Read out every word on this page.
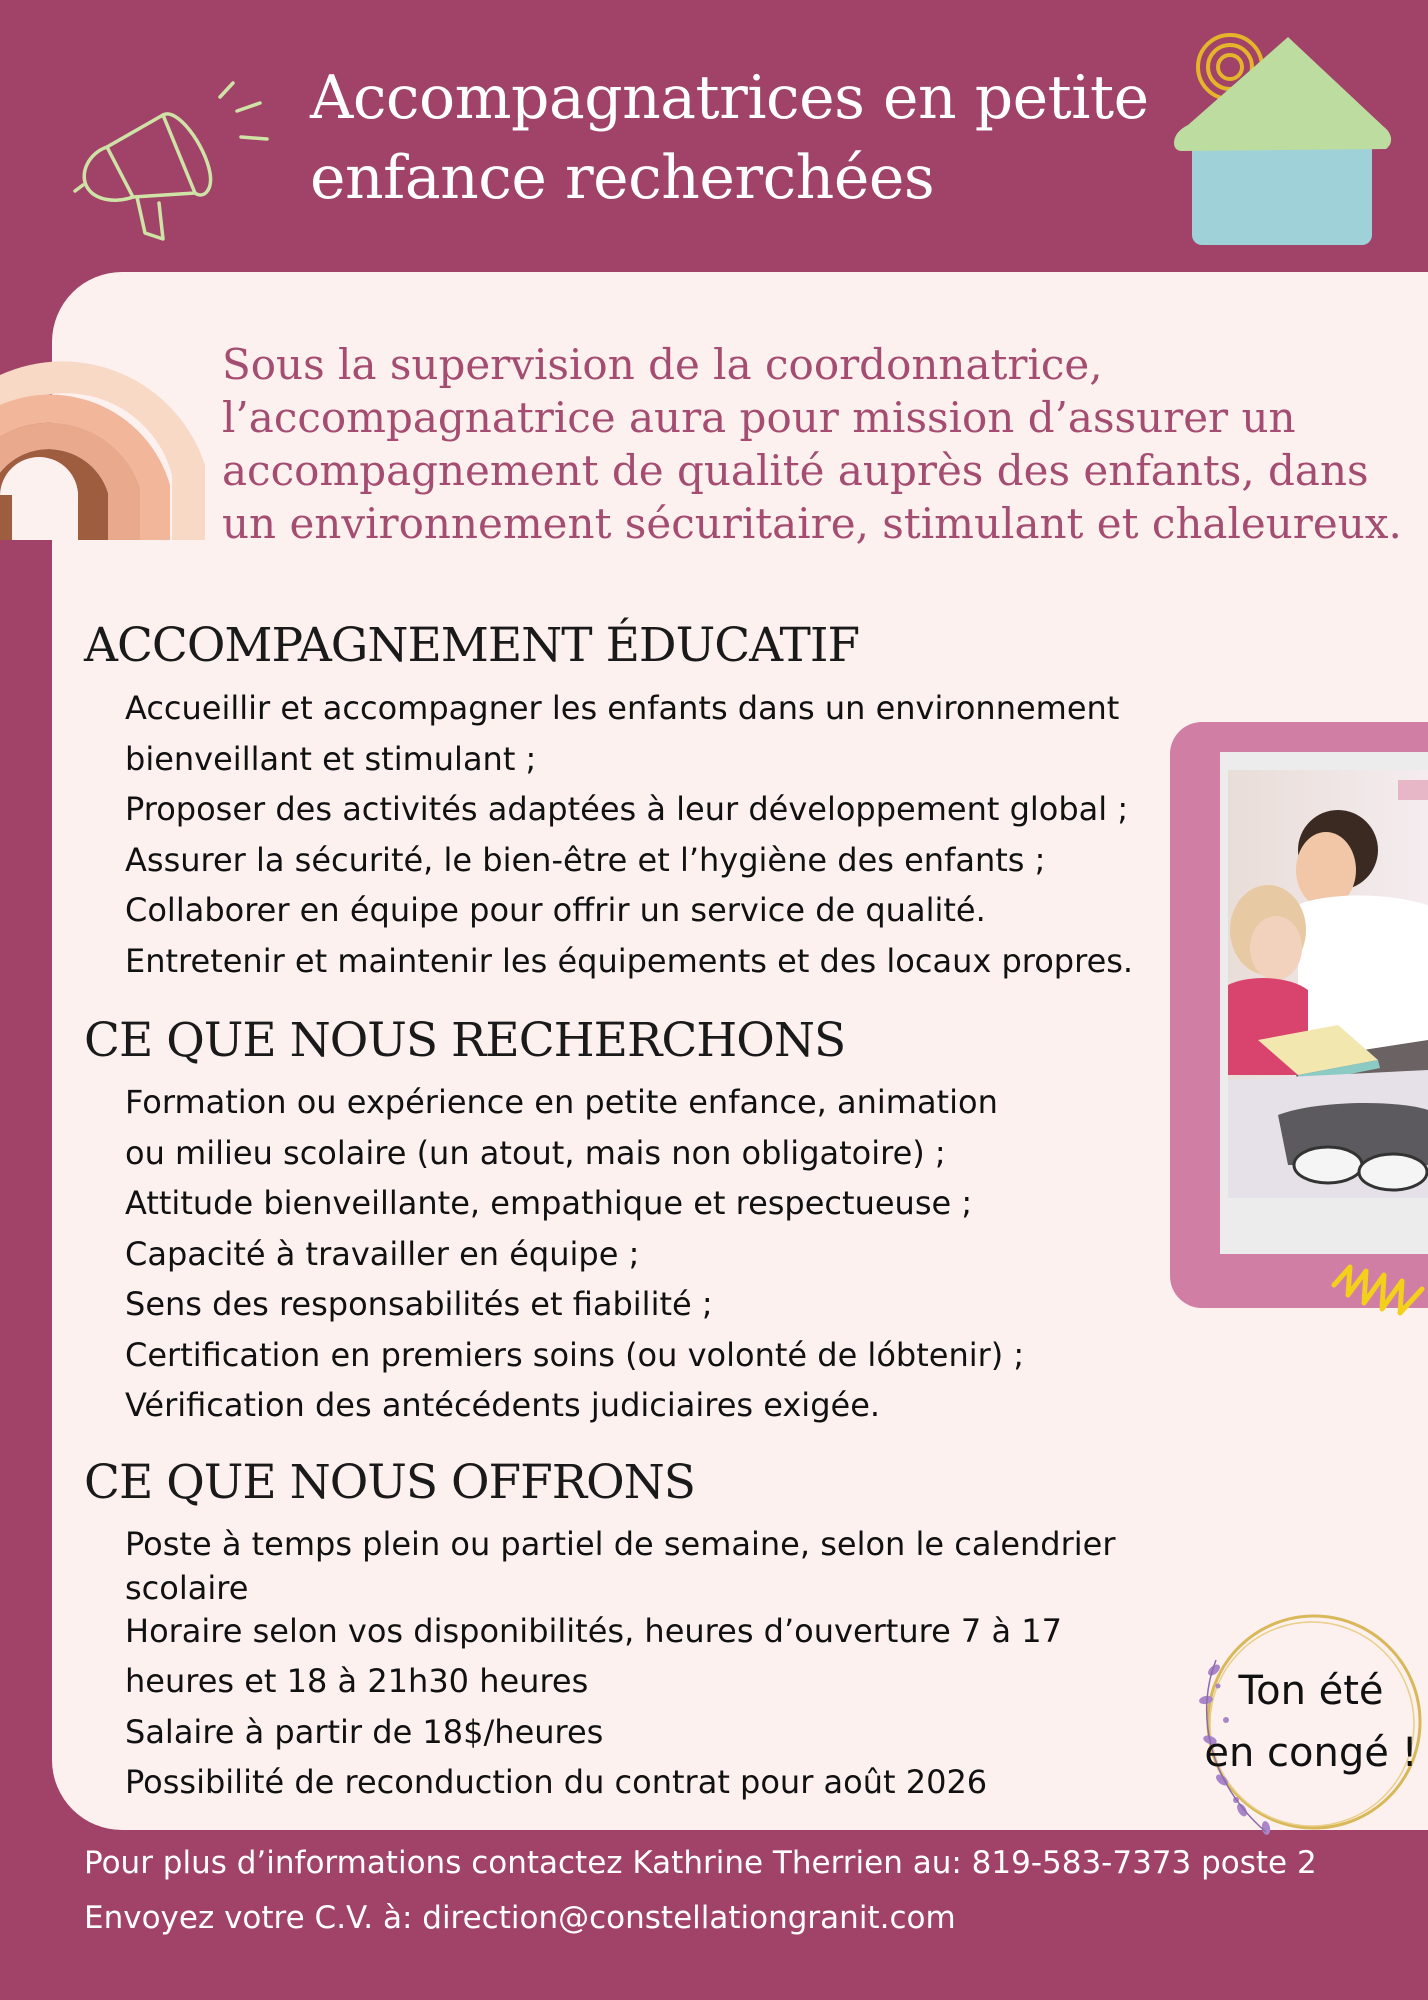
Accompagnatrices en petite
enfance recherchées

Sous la supervision de la coordonnatrice,
l’accompagnatrice aura pour mission d’assurer un
accompagnement de qualité auprès des enfants, dans
un environnement sécuritaire, stimulant et chaleureux.

ACCOMPAGNEMENT ÉDUCATIF
Accueillir et accompagner les enfants dans un environnement
bienveillant et stimulant ;
Proposer des activités adaptées à leur développement global ;
Assurer la sécurité, le bien-être et l’hygiène des enfants ;
Collaborer en équipe pour offrir un service de qualité.
Entretenir et maintenir les équipements et des locaux propres.
CE QUE NOUS RECHERCHONS
Formation ou expérience en petite enfance, animation
ou milieu scolaire (un atout, mais non obligatoire) ;
Attitude bienveillante, empathique et respectueuse ;
Capacité à travailler en équipe ;
Sens des responsabilités et fiabilité ;
Certification en premiers soins (ou volonté de lóbtenir) ;
Vérification des antécédents judiciaires exigée.
CE QUE NOUS OFFRONS
Poste à temps plein ou partiel de semaine, selon le calendrier
scolaire
Horaire selon vos disponibilités, heures d’ouverture 7 à 17
heures et 18 à 21h30 heures
Salaire à partir de 18$/heures
Possibilité de reconduction du contrat pour août 2026
Ton été
en congé !

Pour plus d’informations contactez Kathrine Therrien au: 819-583-7373 poste 2

Envoyez votre C.V. à: direction@constellationgranit.com
